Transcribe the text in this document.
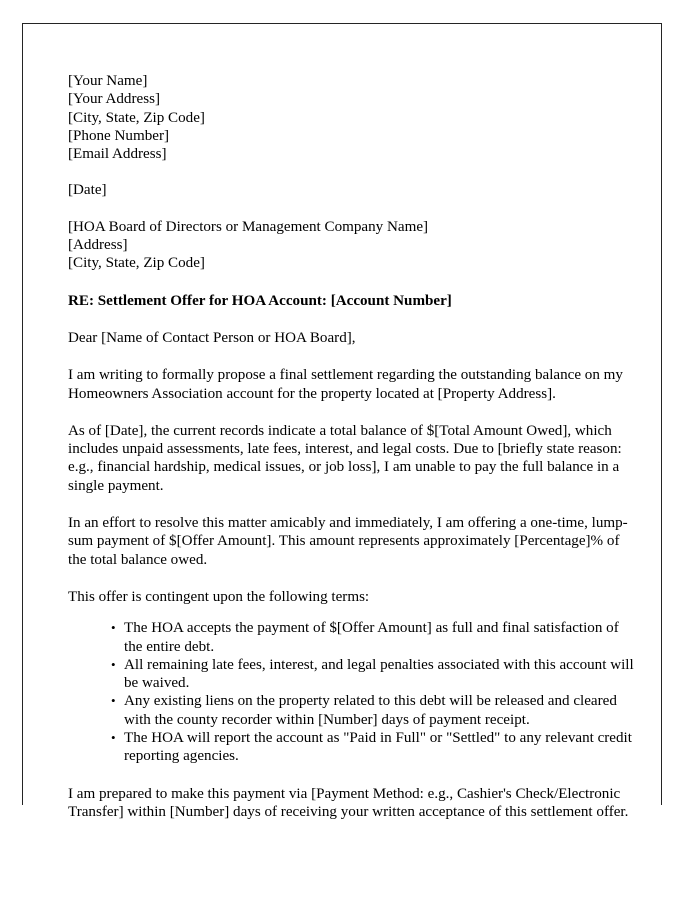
[Your Name]
[Your Address]
[City, State, Zip Code]
[Phone Number]
[Email Address]
[Date]
[HOA Board of Directors or Management Company Name]
[Address]
[City, State, Zip Code]
RE: Settlement Offer for HOA Account: [Account Number]
Dear [Name of Contact Person or HOA Board],

I am writing to formally propose a final settlement regarding the outstanding balance on my Homeowners Association account for the property located at [Property Address].

As of [Date], the current records indicate a total balance of $[Total Amount Owed], which includes unpaid assessments, late fees, interest, and legal costs. Due to [briefly state reason: e.g., financial hardship, medical issues, or job loss], I am unable to pay the full balance in a single payment.

In an effort to resolve this matter amicably and immediately, I am offering a one-time, lump-sum payment of $[Offer Amount]. This amount represents approximately [Percentage]% of the total balance owed.

This offer is contingent upon the following terms:

• The HOA accepts the payment of $[Offer Amount] as full and final satisfaction of the entire debt.
• All remaining late fees, interest, and legal penalties associated with this account will be waived.
• Any existing liens on the property related to this debt will be released and cleared with the county recorder within [Number] days of payment receipt.
• The HOA will report the account as "Paid in Full" or "Settled" to any relevant credit reporting agencies.

I am prepared to make this payment via [Payment Method: e.g., Cashier's Check/Electronic Transfer] within [Number] days of receiving your written acceptance of this settlement offer.
